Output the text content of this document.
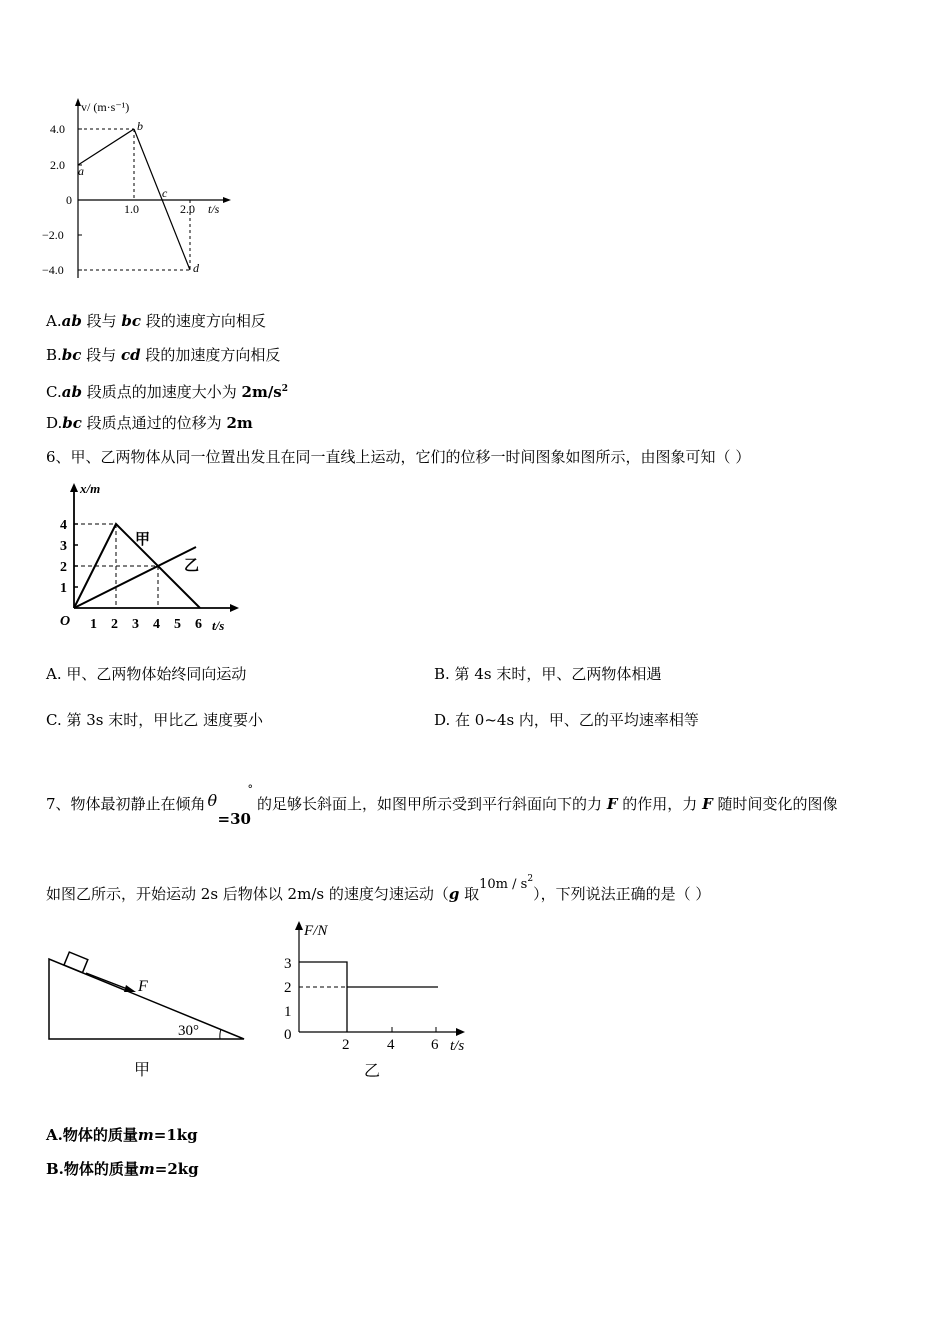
v/ (m·s⁻¹)
4.0
2.0
0
−2.0
−4.0
1.0	2.0 t/s
a
b
c
d
A.ab 段与 bc 段的速度方向相反
B.bc 段与 cd 段的加速度方向相反
C.ab 段质点的加速度大小为 $2m/s^2$
D.bc 段质点通过的位移为 2m
6、甲、乙两物体从同一位置出发且在同一直线上运动，它们的位移一时间图象如图所示，由图象可知（ ）
x/m
4
3
2
1
O 1 2 3 4 5 6 t/s
甲
乙
A. 甲、乙两物体始终同向运动	B. 第 4s 末时，甲、乙两物体相遇
C. 第 3s 末时，甲比乙 速度要小	D. 在 0~4s 内，甲、乙的平均速率相等
7、物体最初静止在倾角 θ
=30
°的足够长斜面上，如图甲所示受到平行斜面向下的力 F 的作用，力 F 随时间变化的图像
如图乙所示，开始运动 2s 后物体以 2m/s 的速度匀速运动（g 取$10m / s^2$），下列说法正确的是（ ）
F
30°
甲
F/N
3
2
1
0
2	4 6 t/s
乙
A.物体的质量m=1kg
B.物体的质量m=2kg
